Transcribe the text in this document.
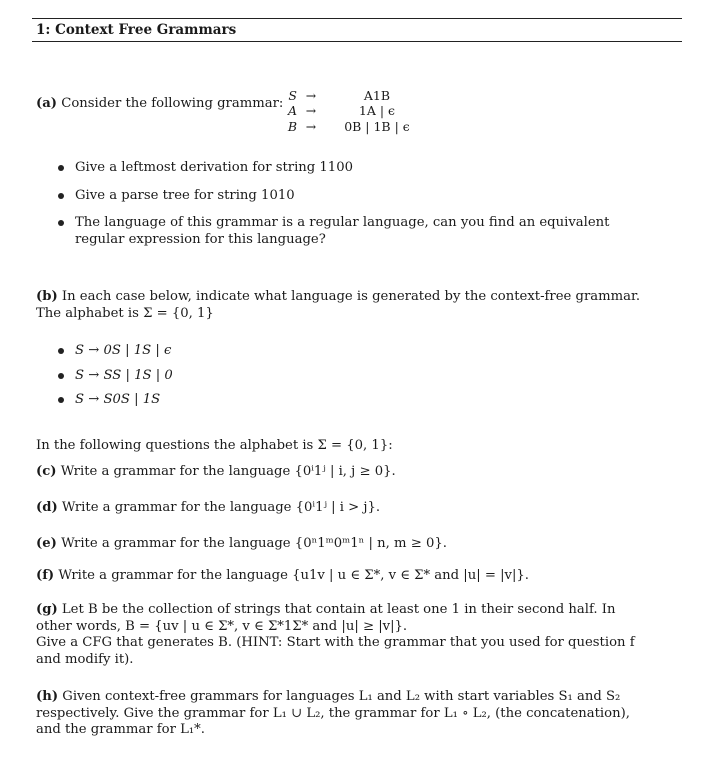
1: Context Free Grammars
(a) Consider the following grammar:
S	→	A1B
A	→	1A | ϵ
B	→	0B | 1B | ϵ
Give a leftmost derivation for string 1100
Give a parse tree for string 1010
The language of this grammar is a regular language, can you find an equivalent regular expression for this language?
(b) In each case below, indicate what language is generated by the context-free grammar. The alphabet is Σ = {0, 1}
S → 0S | 1S | ϵ
S → SS | 1S | 0
S → S0S | 1S
In the following questions the alphabet is Σ = {0, 1}:
(c) Write a grammar for the language {0ⁱ1ʲ | i, j ≥ 0}.
(d) Write a grammar for the language {0ⁱ1ʲ | i > j}.
(e) Write a grammar for the language {0ⁿ1ᵐ0ᵐ1ⁿ | n, m ≥ 0}.
(f) Write a grammar for the language {u1v | u ∈ Σ*, v ∈ Σ* and |u| = |v|}.
(g) Let B be the collection of strings that contain at least one 1 in their second half. In other words, B = {uv | u ∈ Σ*, v ∈ Σ*1Σ* and |u| ≥ |v|}.
Give a CFG that generates B. (HINT: Start with the grammar that you used for question f and modify it).
(h) Given context-free grammars for languages L₁ and L₂ with start variables S₁ and S₂ respectively. Give the grammar for L₁ ∪ L₂, the grammar for L₁ ∘ L₂, (the concatenation), and the grammar for L₁*.
